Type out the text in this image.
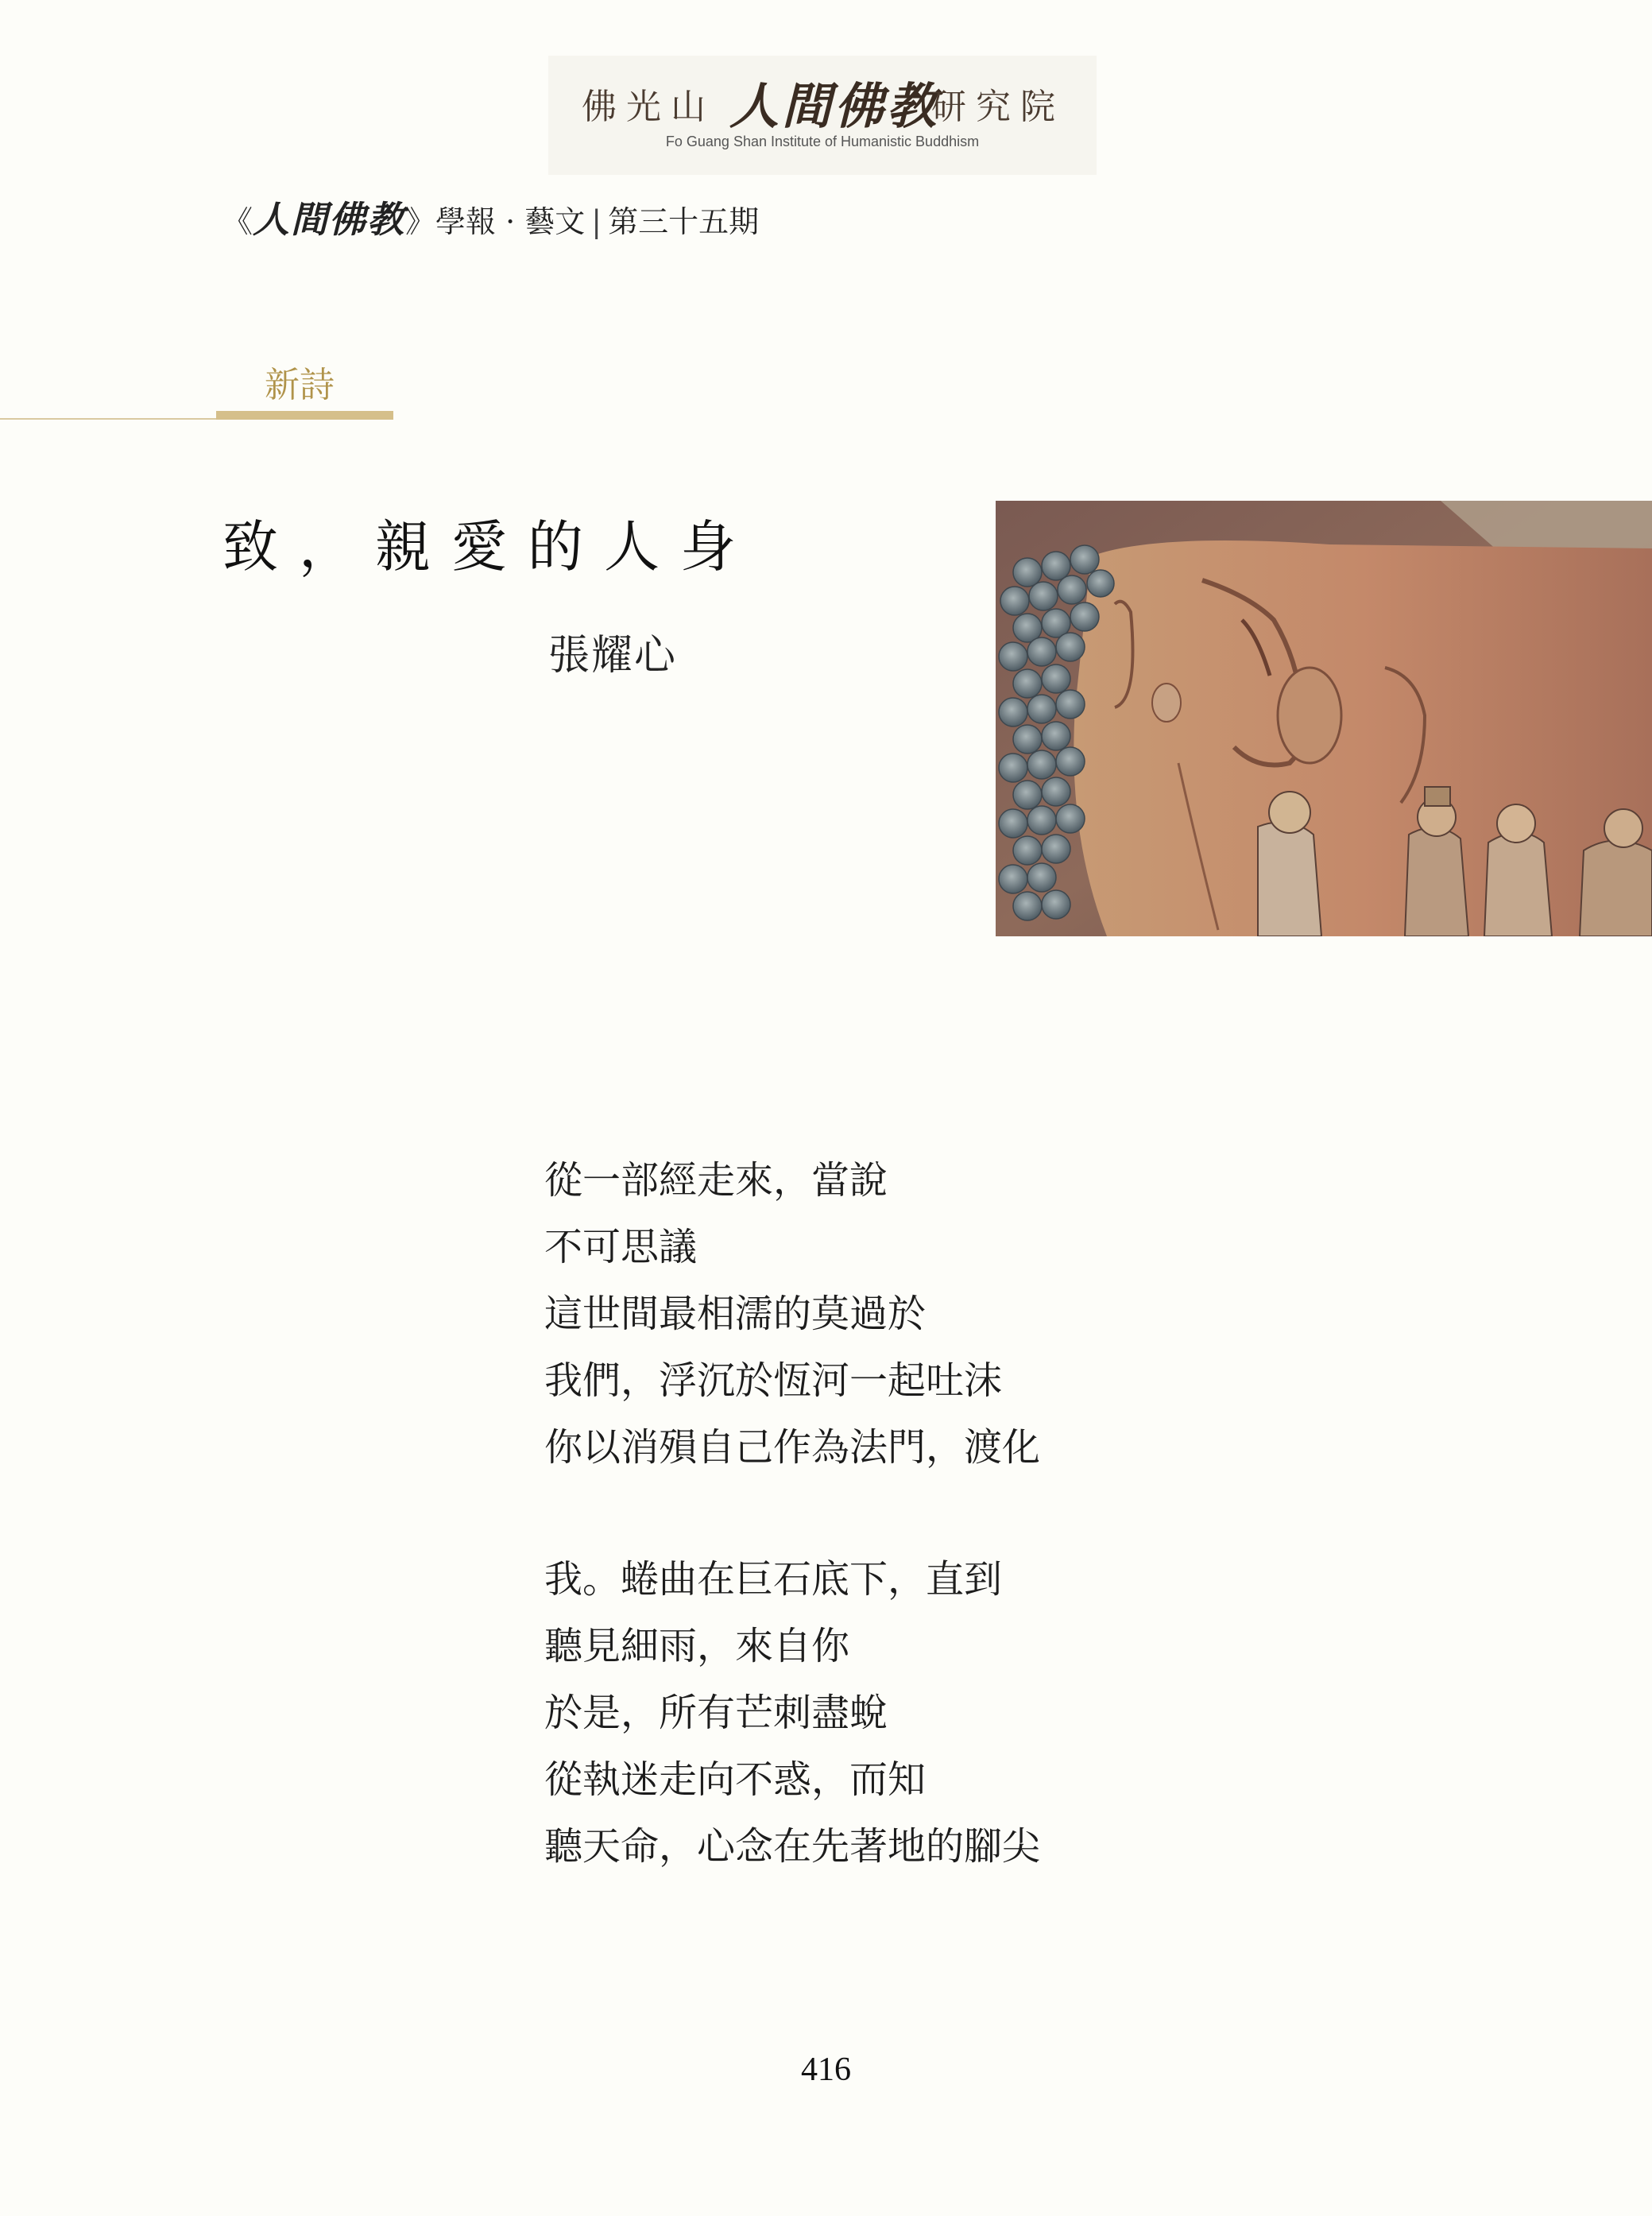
佛光山 人間佛教
研究院
Fo Guang Shan Institute of Humanistic Buddhism
《人間佛教》學報 · 藝文 | 第三十五期
新詩
致，親愛的人身
張耀心
從一部經走來，當說
不可思議
這世間最相濡的莫過於
我們，浮沉於恆河一起吐沫
你以消殞自己作為法門，渡化
我。蜷曲在巨石底下，直到
聽見細雨，來自你
於是，所有芒刺盡蛻
從執迷走向不惑，而知
聽天命，心念在先著地的腳尖
416
